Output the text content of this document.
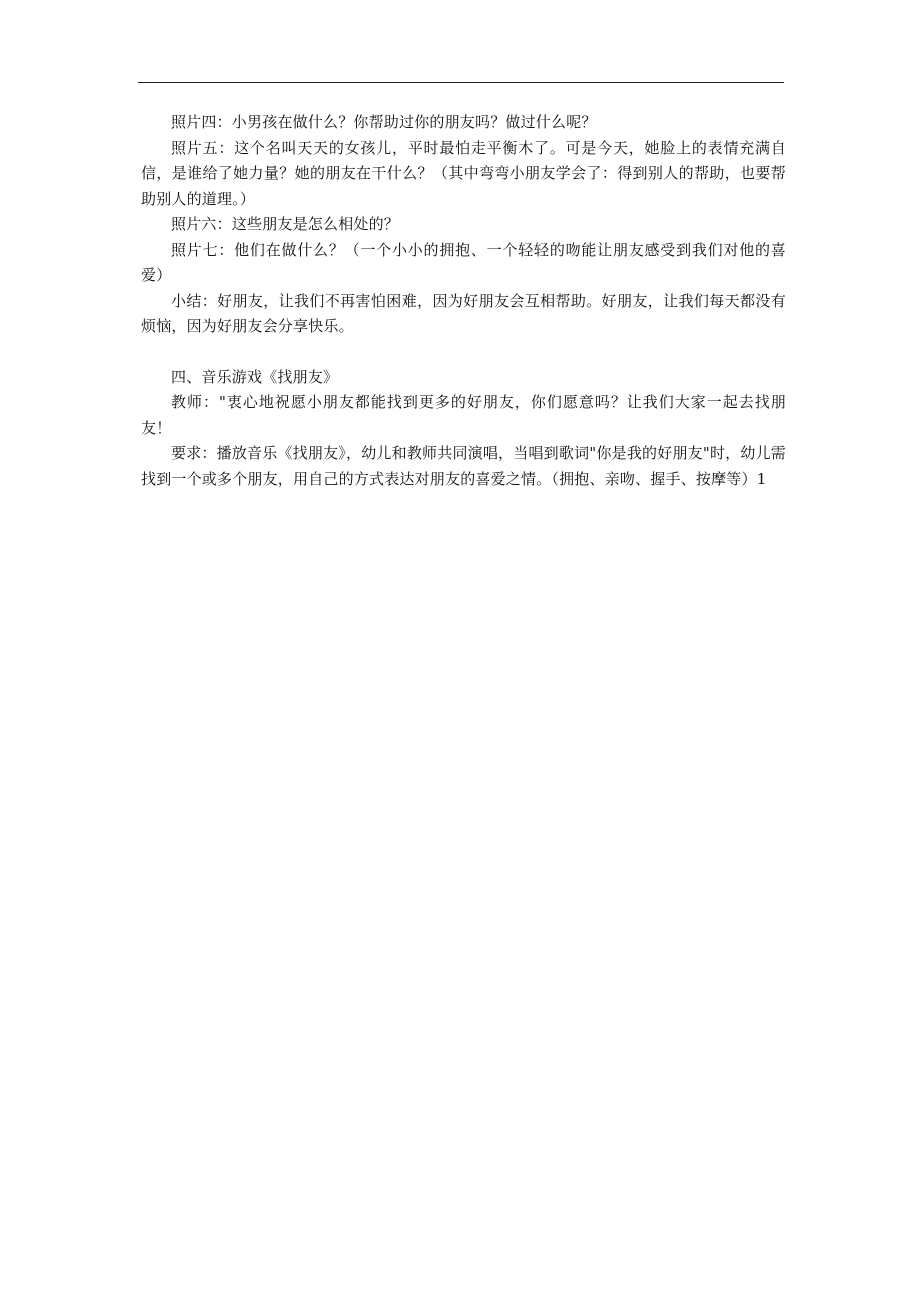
照片四：小男孩在做什么？你帮助过你的朋友吗？做过什么呢？

照片五：这个名叫天天的女孩儿，平时最怕走平衡木了。可是今天，她脸上的表情充满自信，是谁给了她力量？她的朋友在干什么？（其中弯弯小朋友学会了：得到别人的帮助，也要帮助别人的道理。）

照片六：这些朋友是怎么相处的？

照片七：他们在做什么？（一个小小的拥抱、一个轻轻的吻能让朋友感受到我们对他的喜爱）

小结：好朋友，让我们不再害怕困难，因为好朋友会互相帮助。好朋友，让我们每天都没有烦恼，因为好朋友会分享快乐。

四、音乐游戏《找朋友》

教师："衷心地祝愿小朋友都能找到更多的好朋友，你们愿意吗？让我们大家一起去找朋友！

要求：播放音乐《找朋友》，幼儿和教师共同演唱，当唱到歌词"你是我的好朋友"时，幼儿需找到一个或多个朋友，用自己的方式表达对朋友的喜爱之情。（拥抱、亲吻、握手、按摩等）1
